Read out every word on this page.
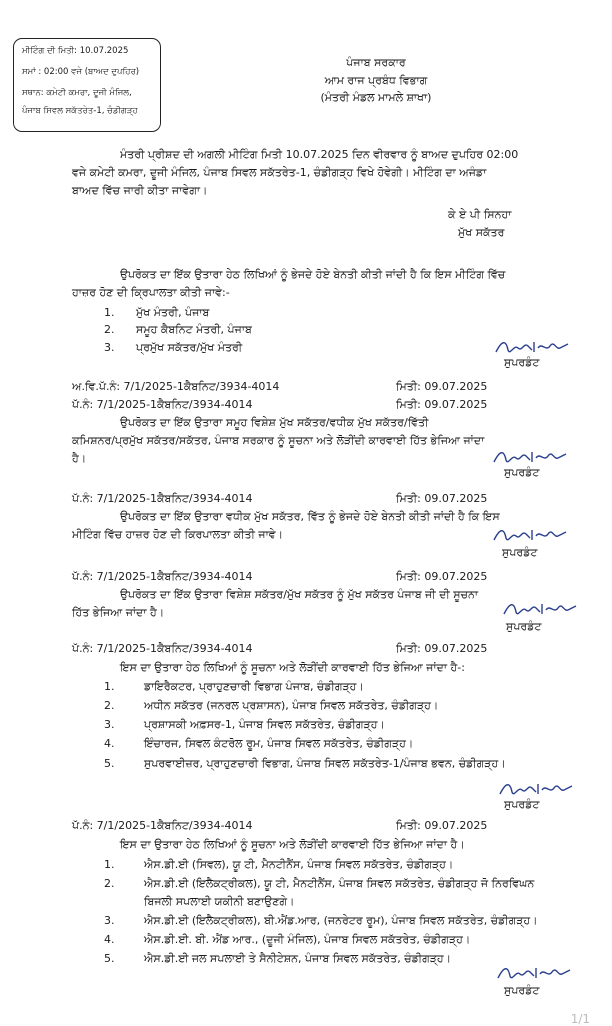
ਮੀਟਿੰਗ ਦੀ ਮਿਤੀ: 10.07.2025
ਸਮਾਂ : 02:00 ਵਜੇ (ਬਾਅਦ ਦੁਪਹਿਰ)
ਸਥਾਨ: ਕਮੇਟੀ ਕਮਰਾ, ਦੂਜੀ ਮੰਜਿਲ,
ਪੰਜਾਬ ਸਿਵਲ ਸਕੱਤਰੇਤ-1, ਚੰਡੀਗੜ੍ਹ
ਪੰਜਾਬ ਸਰਕਾਰ
ਆਮ ਰਾਜ ਪ੍ਰਬੰਧ ਵਿਭਾਗ
(ਮੰਤਰੀ ਮੰਡਲ ਮਾਮਲੇ ਸ਼ਾਖਾ)
ਮੰਤਰੀ ਪ੍ਰੀਸ਼ਦ ਦੀ ਅਗਲੀ ਮੀਟਿੰਗ ਮਿਤੀ 10.07.2025 ਦਿਨ ਵੀਰਵਾਰ ਨੂੰ ਬਾਅਦ ਦੁਪਹਿਰ 02:00
ਵਜੇ ਕਮੇਟੀ ਕਮਰਾ, ਦੂਜੀ ਮੰਜਿਲ, ਪੰਜਾਬ ਸਿਵਲ ਸਕੱਤਰੇਤ-1, ਚੰਡੀਗੜ੍ਹ ਵਿਖੇ ਹੋਵੇਗੀ। ਮੀਟਿੰਗ ਦਾ ਅਜੰਡਾ
ਬਾਅਦ ਵਿੱਚ ਜਾਰੀ ਕੀਤਾ ਜਾਵੇਗਾ।
ਕੇ ਏ ਪੀ ਸਿਨਹਾ
ਮੁੱਖ ਸਕੱਤਰ
ਉਪਰੋਕਤ ਦਾ ਇੱਕ ਉਤਾਰਾ ਹੇਠ ਲਿਖਿਆਂ ਨੂੰ ਭੇਜਦੇ ਹੋਏ ਬੇਨਤੀ ਕੀਤੀ ਜਾਂਦੀ ਹੈ ਕਿ ਇਸ ਮੀਟਿੰਗ ਵਿੱਚ
ਹਾਜ਼ਰ ਹੋਣ ਦੀ ਕ੍ਰਿਪਾਲਤਾ ਕੀਤੀ ਜਾਵੇ:-
1. ਮੁੱਖ ਮੰਤਰੀ, ਪੰਜਾਬ
2. ਸਮੂਹ ਕੈਬਨਿਟ ਮੰਤਰੀ, ਪੰਜਾਬ
3. ਪ੍ਰਮੁੱਖ ਸਕੱਤਰ/ਮੁੱਖ ਮੰਤਰੀ
ਸੁਪਰਡੰਟ
ਅ.ਵਿ.ਪੱ.ਨੰ: 7/1/2025-1ਕੈਬਨਿਟ/3934-4014	ਮਿਤੀ: 09.07.2025
ਪੱ.ਨੰ: 7/1/2025-1ਕੈਬਨਿਟ/3934-4014	ਮਿਤੀ: 09.07.2025
ਉਪਰੋਕਤ ਦਾ ਇੱਕ ਉਤਾਰਾ ਸਮੂਹ ਵਿਸ਼ੇਸ਼ ਮੁੱਖ ਸਕੱਤਰ/ਵਧੀਕ ਮੁੱਖ ਸਕੱਤਰ/ਵਿੱਤੀ
ਕਮਿਸ਼ਨਰ/ਪ੍ਰਮੁੱਖ ਸਕੱਤਰ/ਸਕੱਤਰ, ਪੰਜਾਬ ਸਰਕਾਰ ਨੂੰ ਸੂਚਨਾ ਅਤੇ ਲੋੜੀਂਦੀ ਕਾਰਵਾਈ ਹਿੱਤ ਭੇਜਿਆ ਜਾਂਦਾ
ਹੈ।
ਸੁਪਰਡੰਟ
ਪੱ.ਨੰ: 7/1/2025-1ਕੈਬਨਿਟ/3934-4014	ਮਿਤੀ: 09.07.2025
ਉਪਰੋਕਤ ਦਾ ਇੱਕ ਉਤਾਰਾ ਵਧੀਕ ਮੁੱਖ ਸਕੱਤਰ, ਵਿੱਤ ਨੂੰ ਭੇਜਦੇ ਹੋਏ ਬੇਨਤੀ ਕੀਤੀ ਜਾਂਦੀ ਹੈ ਕਿ ਇਸ
ਮੀਟਿੰਗ ਵਿੱਚ ਹਾਜ਼ਰ ਹੋਣ ਦੀ ਕਿਰਪਾਲਤਾ ਕੀਤੀ ਜਾਵੇ।
ਸੁਪਰਡੰਟ
ਪੱ.ਨੰ: 7/1/2025-1ਕੈਬਨਿਟ/3934-4014	ਮਿਤੀ: 09.07.2025
ਉਪਰੋਕਤ ਦਾ ਇੱਕ ਉਤਾਰਾ ਵਿਸ਼ੇਸ਼ ਸਕੱਤਰ/ਮੁੱਖ ਸਕੱਤਰ ਨੂੰ ਮੁੱਖ ਸਕੱਤਰ ਪੰਜਾਬ ਜੀ ਦੀ ਸੂਚਨਾ
ਹਿੱਤ ਭੇਜਿਆ ਜਾਂਦਾ ਹੈ।
ਸੁਪਰਡੰਟ
ਪੱ.ਨੰ: 7/1/2025-1ਕੈਬਨਿਟ/3934-4014	ਮਿਤੀ: 09.07.2025
ਇਸ ਦਾ ਉਤਾਰਾ ਹੇਠ ਲਿਖਿਆਂ ਨੂੰ ਸੂਚਨਾ ਅਤੇ ਲੋੜੀਂਦੀ ਕਾਰਵਾਈ ਹਿੱਤ ਭੇਜਿਆ ਜਾਂਦਾ ਹੈ-:
1.	ਡਾਇਰੈਕਟਰ, ਪ੍ਰਾਹੁਣਚਾਰੀ ਵਿਭਾਗ ਪੰਜਾਬ, ਚੰਡੀਗੜ੍ਹ।
2.	ਅਧੀਨ ਸਕੱਤਰ (ਜਨਰਲ ਪ੍ਰਸ਼ਾਸਨ), ਪੰਜਾਬ ਸਿਵਲ ਸਕੱਤਰੇਤ, ਚੰਡੀਗੜ੍ਹ।
3.	ਪ੍ਰਸ਼ਾਸਕੀ ਅਫ਼ਸਰ-1, ਪੰਜਾਬ ਸਿਵਲ ਸਕੱਤਰੇਤ, ਚੰਡੀਗੜ੍ਹ।
4.	ਇੰਚਾਰਜ, ਸਿਵਲ ਕੰਟਰੋਲ ਰੂਮ, ਪੰਜਾਬ ਸਿਵਲ ਸਕੱਤਰੇਤ, ਚੰਡੀਗੜ੍ਹ।
5.	ਸੁਪਰਵਾਈਜ਼ਰ, ਪ੍ਰਾਹੁਣਚਾਰੀ ਵਿਭਾਗ, ਪੰਜਾਬ ਸਿਵਲ ਸਕੱਤਰੇਤ-1/ਪੰਜਾਬ ਭਵਨ, ਚੰਡੀਗੜ੍ਹ।
ਸੁਪਰਡੰਟ
ਪੱ.ਨੰ: 7/1/2025-1ਕੈਬਨਿਟ/3934-4014	ਮਿਤੀ: 09.07.2025
ਇਸ ਦਾ ਉਤਾਰਾ ਹੇਠ ਲਿਖਿਆਂ ਨੂੰ ਸੂਚਨਾ ਅਤੇ ਲੋੜੀਂਦੀ ਕਾਰਵਾਈ ਹਿੱਤ ਭੇਜਿਆ ਜਾਂਦਾ ਹੈ।
1.	ਐਸ.ਡੀ.ਈ (ਸਿਵਲ), ਯੂ ਟੀ, ਮੈਨਟੀਨੈਂਸ, ਪੰਜਾਬ ਸਿਵਲ ਸਕੱਤਰੇਤ, ਚੰਡੀਗੜ੍ਹ।
2.	ਐਸ.ਡੀ.ਈ (ਇਲੈਕਟ੍ਰੀਕਲ), ਯੂ ਟੀ, ਮੈਨਟੀਨੈਂਸ, ਪੰਜਾਬ ਸਿਵਲ ਸਕੱਤਰੇਤ, ਚੰਡੀਗੜ੍ਹ ਜੋ ਨਿਰਵਿਘਨ
ਬਿਜਲੀ ਸਪਲਾਈ ਯਕੀਨੀ ਬਣਾਉਣਗੇ।
3.	ਐਸ.ਡੀ.ਈ (ਇਲੈਕਟ੍ਰੀਕਲ), ਬੀ.ਐਂਡ.ਆਰ, (ਜਨਰੇਟਰ ਰੂਮ), ਪੰਜਾਬ ਸਿਵਲ ਸਕੱਤਰੇਤ, ਚੰਡੀਗੜ੍ਹ।
4.	ਐਸ.ਡੀ.ਈ. ਬੀ. ਐਂਡ ਆਰ., (ਦੂਜੀ ਮੰਜਿਲ), ਪੰਜਾਬ ਸਿਵਲ ਸਕੱਤਰੇਤ, ਚੰਡੀਗੜ੍ਹ।
5.	ਐਸ.ਡੀ.ਈ ਜਲ ਸਪਲਾਈ ਤੇ ਸੈਨੀਟੇਸ਼ਨ, ਪੰਜਾਬ ਸਿਵਲ ਸਕੱਤਰੇਤ, ਚੰਡੀਗੜ੍ਹ।
ਸੁਪਰਡੰਟ
1/1
